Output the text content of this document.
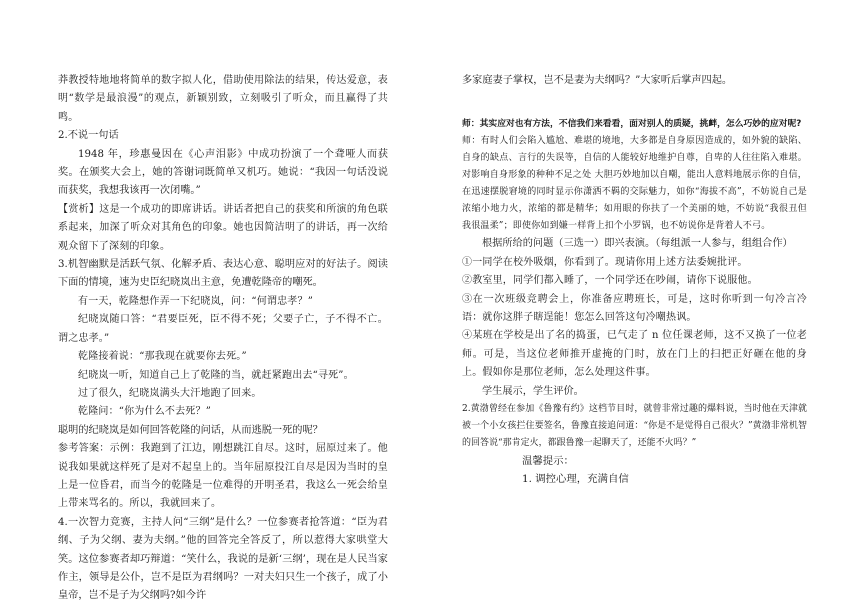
莽教授特地地将简单的数字拟人化，借助使用除法的结果，传达爱意，表明“数学是最浪漫”的观点，新颖别致，立刻吸引了听众，而且赢得了共鸣。

2.不说一句话

1948 年，珍惠曼因在《心声泪影》中成功扮演了一个聋哑人而获奖。在颁奖大会上，她的答谢词既简单又机巧。她说：“我因一句话没说而获奖，我想我该再一次闭嘴。”

【赏析】这是一个成功的即席讲话。讲话者把自己的获奖和所演的角色联系起来，加深了听众对其角色的印象。她也因简洁明了的讲话，再一次给观众留下了深刻的印象。

3.机智幽默是活跃气氛、化解矛盾、表达心意、聪明应对的好法子。阅读下面的情境，速为史臣纪晓岚出主意，免遭乾隆帝的嘲死。

有一天，乾隆想作弄一下纪晓岚，问：“何谓忠孝？”

纪晓岚随口答：“君要臣死，臣不得不死；父要子亡，子不得不亡。谓之忠孝。”

乾隆接着说：“那我现在就要你去死。”

纪晓岚一听，知道自己上了乾隆的当，就赶紧跑出去“寻死”。

过了很久，纪晓岚满头大汗地跑了回来。

乾隆问：“你为什么不去死？”

聪明的纪晓岚是如何回答乾隆的问话，从而逃脱一死的呢？

参考答案：示例：我跑到了江边，刚想跳江自尽。这时，屈原过来了。他说我如果就这样死了是对不起皇上的。当年屈原投江自尽是因为当时的皇上是一位昏君，而当今的乾隆是一位难得的开明圣君，我这么一死会给皇上带来骂名的。所以，我就回来了。

4.一次智力竞赛，主持人问“三纲”是什么？一位参赛者抢答道：“臣为君纲、子为父纲、妻为夫纲。”他的回答完全答反了，所以惹得大家哄堂大笑。这位参赛者却巧辩道：“笑什么，我说的是新‘三纲’，现在是人民当家作主，领导是公仆，岂不是臣为君纲吗？一对夫妇只生一个孩子，成了小皇帝，岂不是子为父纲吗?如今许

多家庭妻子掌权，岂不是妻为夫纲吗？”大家听后掌声四起。

师：其实应对也有方法，不信我们来看看，面对别人的质疑，挑衅，怎么巧妙的应对呢?

师：有时人们会陷入尴尬、难堪的境地，大多都是自身原因造成的，如外貌的缺陷、自身的缺点、言行的失误等，自信的人能较好地维护自尊，自卑的人往往陷入难堪。对影响自身形象的种种不足之处 大胆巧妙地加以自嘲，能出人意料地展示你的自信，在迅速摆脱窘境的同时显示你潇洒不羁的交际魅力，如你“海拔不高”，不妨说自己是浓缩小地力火，浓缩的都是精华；如用眼的你扶了一个美丽的她，不妨说“我很丑但我很温柔”；即使你如到嫌一样背上扣个小罗锅，也不妨说你是背着人不弓。

根据所给的问题（三选一）即兴表演。（每组派一人参与，组组合作）

①一同学在校外吸烟，你看到了。现请你用上述方法委婉批评。

②教室里，同学们都入睡了，一个同学还在吵闹，请你下说服他。

③在一次班级竞聘会上，你准备应聘班长，可是，这时你听到一句冷言冷语：就你这胖子瞎逞能！您怎么回答这句冷嘲热讽。

④某班在学校是出了名的捣蛋，已气走了 n 位任课老师，这不又换了一位老师。可是，当这位老师推开虚掩的门时，放在门上的扫把正好砸在他的身上。假如你是那位老师，怎么处理这件事。

学生展示，学生评价。

2.黄渤曾经在参加《鲁豫有约》这档节目时，就曾非常过趣的爆料说，当时他在天津就被一个小女孩拦住要签名，鲁豫直接追问道：“你是不是觉得自己很火？”黄渤非常机智的回答说“那肯定火，都跟鲁豫一起聊天了，还能不火吗？”

温馨提示：

1. 调控心理，充满自信
